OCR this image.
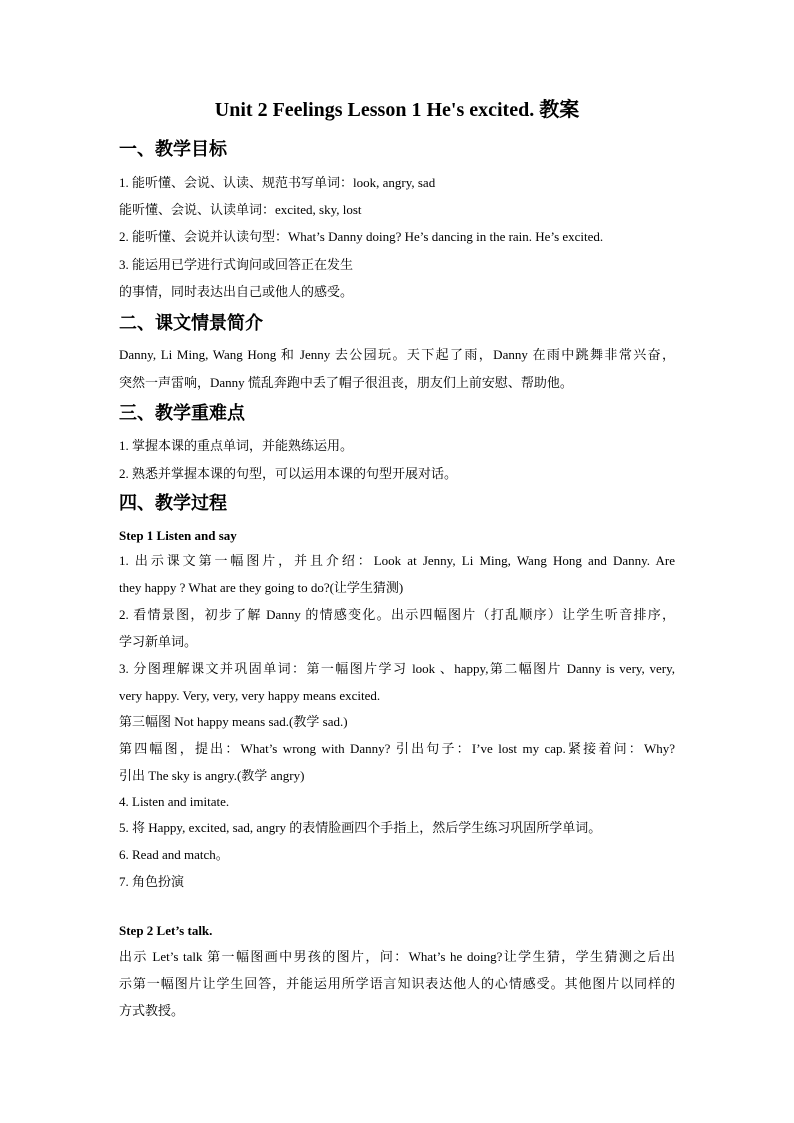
Unit 2 Feelings Lesson 1 He's excited. 教案
一、教学目标
1. 能听懂、会说、认读、规范书写单词：look, angry, sad
能听懂、会说、认读单词：excited, sky, lost
2. 能听懂、会说并认读句型：What’s Danny doing? He’s dancing in the rain. He’s excited.
3. 能运用已学进行式询问或回答正在发生
的事情，同时表达出自己或他人的感受。
二、课文情景简介
Danny, Li Ming, Wang Hong 和 Jenny 去公园玩。天下起了雨，Danny 在雨中跳舞非常兴奋，
突然一声雷响，Danny 慌乱奔跑中丢了帽子很沮丧，朋友们上前安慰、帮助他。
三、教学重难点
1. 掌握本课的重点单词，并能熟练运用。
2. 熟悉并掌握本课的句型，可以运用本课的句型开展对话。
四、教学过程
Step 1 Listen and say
1. 出示课文第一幅图片，并且介绍：Look at Jenny, Li Ming, Wang Hong and Danny. Are
they happy ? What are they going to do?(让学生猜测)
2. 看情景图，初步了解 Danny 的情感变化。出示四幅图片（打乱顺序）让学生听音排序，
学习新单词。
3. 分图理解课文并巩固单词：第一幅图片学习 look 、happy,第二幅图片 Danny is very, very,
very happy. Very, very, very happy means excited.
第三幅图 Not happy means sad.(教学 sad.)
第四幅图，提出：What’s wrong with Danny? 引出句子：I’ve lost my cap.紧接着问：Why?
引出 The sky is angry.(教学 angry)
4. Listen and imitate.
5. 将 Happy, excited, sad, angry 的表情脸画四个手指上，然后学生练习巩固所学单词。
6. Read and match。
7. 角色扮演
Step 2 Let’s talk.
出示 Let’s talk 第一幅图画中男孩的图片，问：What’s he doing?让学生猜，学生猜测之后出
示第一幅图片让学生回答，并能运用所学语言知识表达他人的心情感受。其他图片以同样的
方式教授。
